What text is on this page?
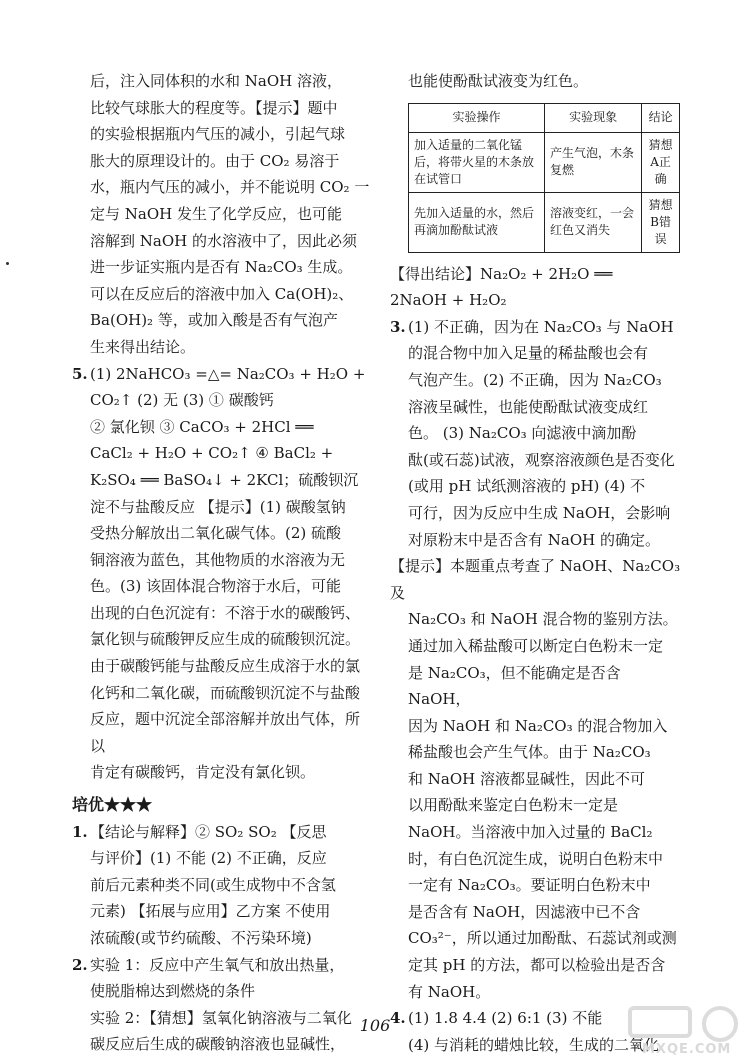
后，注入同体积的水和 NaOH 溶液，
比较气球胀大的程度等。【提示】题中
的实验根据瓶内气压的减小，引起气球
胀大的原理设计的。由于 CO₂ 易溶于
水，瓶内气压的减小，并不能说明 CO₂ 一
定与 NaOH 发生了化学反应，也可能
溶解到 NaOH 的水溶液中了，因此必须
进一步证实瓶内是否有 Na₂CO₃ 生成。
可以在反应后的溶液中加入 Ca(OH)₂、
Ba(OH)₂ 等，或加入酸是否有气泡产
生来得出结论。
5. (1) 2NaHCO₃ =△= Na₂CO₃ + H₂O +
CO₂↑ (2) 无 (3) ① 碳酸钙
② 氯化钡 ③ CaCO₃ + 2HCl ══
CaCl₂ + H₂O + CO₂↑ ④ BaCl₂ +
K₂SO₄ ══ BaSO₄↓ + 2KCl；硫酸钡沉
淀不与盐酸反应 【提示】(1) 碳酸氢钠
受热分解放出二氧化碳气体。(2) 硫酸
铜溶液为蓝色，其他物质的水溶液为无
色。(3) 该固体混合物溶于水后，可能
出现的白色沉淀有：不溶于水的碳酸钙、
氯化钡与硫酸钾反应生成的硫酸钡沉淀。
由于碳酸钙能与盐酸反应生成溶于水的氯
化钙和二氧化碳，而硫酸钡沉淀不与盐酸
反应，题中沉淀全部溶解并放出气体，所以
肯定有碳酸钙，肯定没有氯化钡。
培优★★★
1. 【结论与解释】② SO₂ SO₂ 【反思
与评价】(1) 不能 (2) 不正确，反应
前后元素种类不同(或生成物中不含氢
元素) 【拓展与应用】乙方案 不使用
浓硫酸(或节约硫酸、不污染环境)
2. 实验 1：反应中产生氧气和放出热量，
使脱脂棉达到燃烧的条件
实验 2：【猜想】氢氧化钠溶液与二氧化
碳反应后生成的碳酸钠溶液也显碱性，
也能使酚酞试液变为红色。
实验操作	实验现象	结论
加入适量的二氧化锰后，将带火星的木条放在试管口	产生气泡，木条复燃	猜想A正确
先加入适量的水，然后再滴加酚酞试液	溶液变红，一会红色又消失	猜想B错误
【得出结论】Na₂O₂ + 2H₂O ══
2NaOH + H₂O₂
3. (1) 不正确，因为在 Na₂CO₃ 与 NaOH
的混合物中加入足量的稀盐酸也会有
气泡产生。(2) 不正确，因为 Na₂CO₃
溶液呈碱性，也能使酚酞试液变成红
色。 (3) Na₂CO₃ 向滤液中滴加酚
酞(或石蕊)试液，观察溶液颜色是否变化
(或用 pH 试纸测溶液的 pH) (4) 不
可行，因为反应中生成 NaOH，会影响
对原粉末中是否含有 NaOH 的确定。
【提示】本题重点考查了 NaOH、Na₂CO₃ 及
Na₂CO₃ 和 NaOH 混合物的鉴别方法。
通过加入稀盐酸可以断定白色粉末一定
是 Na₂CO₃，但不能确定是否含 NaOH，
因为 NaOH 和 Na₂CO₃ 的混合物加入
稀盐酸也会产生气体。由于 Na₂CO₃
和 NaOH 溶液都显碱性，因此不可
以用酚酞来鉴定白色粉末一定是
NaOH。当溶液中加入过量的 BaCl₂
时，有白色沉淀生成，说明白色粉末中
一定有 Na₂CO₃。要证明白色粉末中
是否含有 NaOH，因滤液中已不含
CO₃²⁻，所以通过加酚酞、石蕊试剂或测
定其 pH 的方法，都可以检验出是否含
有 NaOH。
4. (1) 1.8 4.4 (2) 6:1 (3) 不能
(4) 与消耗的蜡烛比较，生成的二氧化
106
MXQE.COM
